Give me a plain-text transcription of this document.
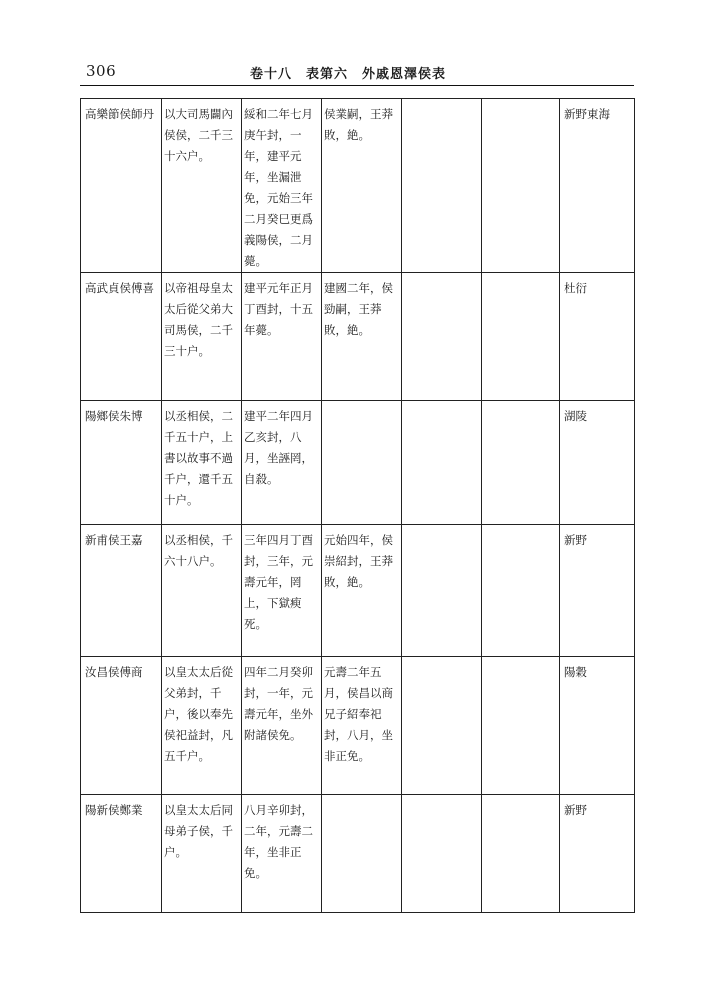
306	卷十八　表第六　外戚恩澤侯表
高樂節侯師丹	以大司馬闢內侯侯，二千三十六户。	綏和二年七月庚午封，一年，建平元年，坐漏泄免，元始三年二月癸巳更爲義陽侯，二月薨。	侯業嗣，王莽敗，絶。			新野東海

高武貞侯傅喜	以帝祖母皇太太后從父弟大司馬侯，二千三十户。	建平元年正月丁酉封，十五年薨。	建國二年，侯勁嗣，王莽敗，絶。			杜衍

陽鄉侯朱博	以丞相侯，二千五十户，上書以故事不過千户，還千五十户。	建平二年四月乙亥封，八月，坐誣罔，自殺。				湖陵

新甫侯王嘉	以丞相侯，千六十八户。	三年四月丁酉封，三年，元壽元年，罔上，下獄瘐死。	元始四年，侯崇紹封，王莽敗，絶。			新野

汝昌侯傅商	以皇太太后從父弟封，千户，後以奉先侯祀益封，凡五千户。	四年二月癸卯封，一年，元壽元年，坐外附諸侯免。	元壽二年五月，侯昌以商兄子紹奉祀封，八月，坐非正免。			陽穀

陽新侯鄭業	以皇太太后同母弟子侯，千户。	八月辛卯封，二年，元壽二年，坐非正免。				新野
